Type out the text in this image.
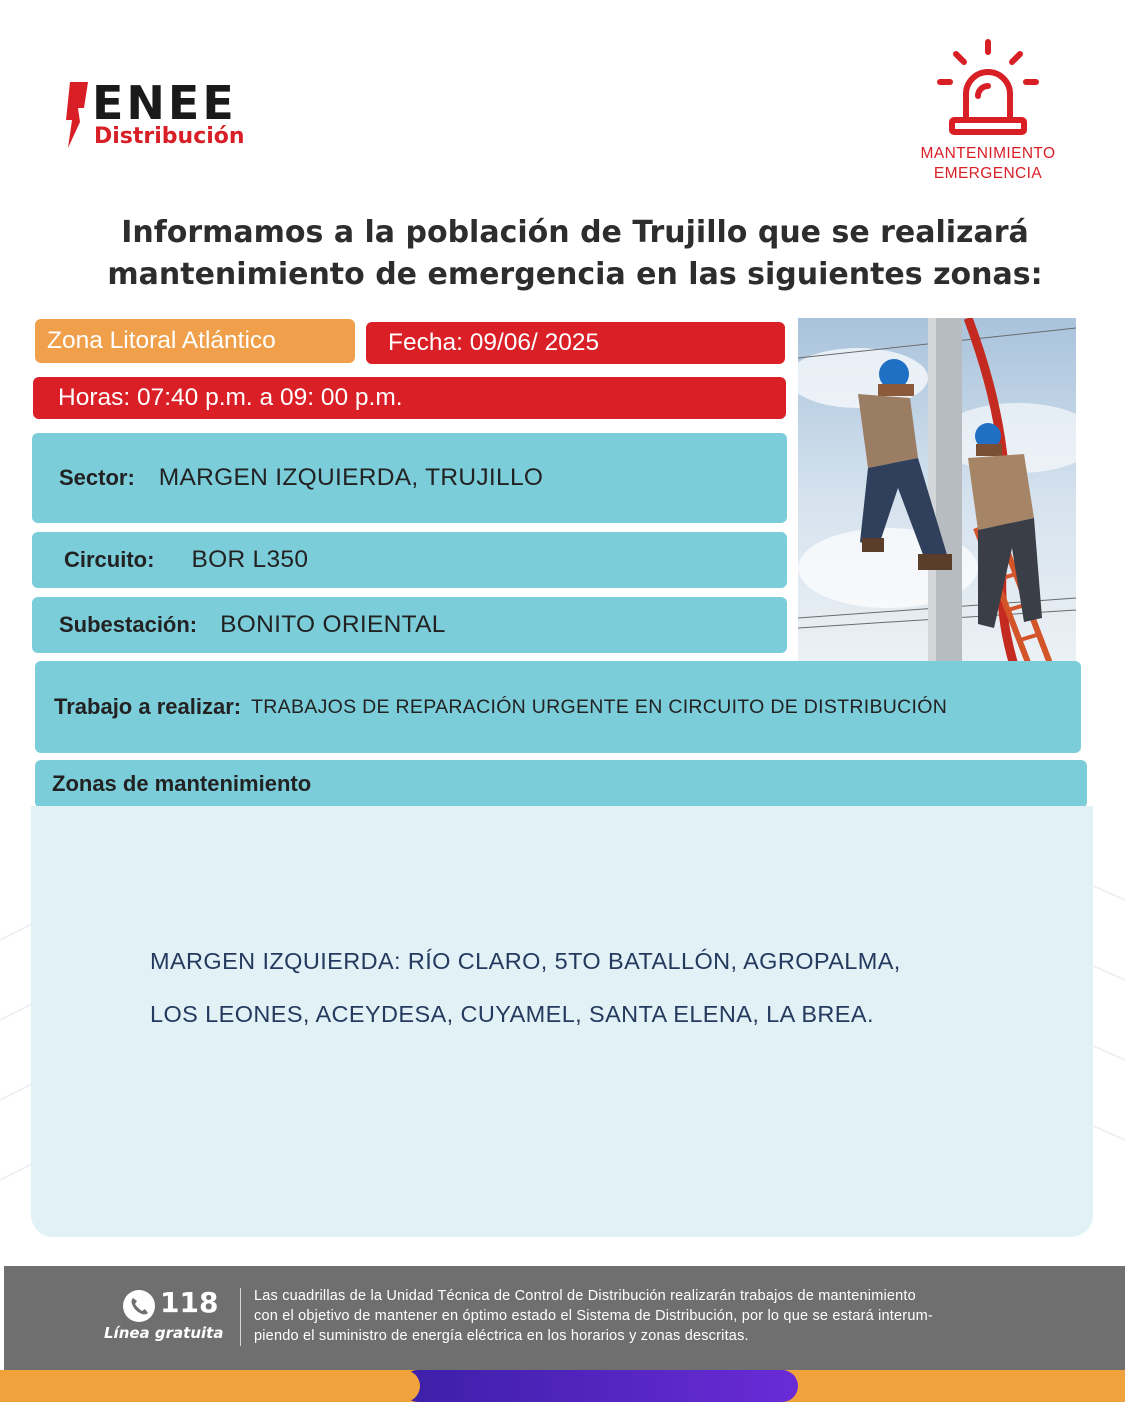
ENEE
Distribución
MANTENIMIENTO
EMERGENCIA
Informamos a la población de Trujillo que se realizará
mantenimiento de emergencia en las siguientes zonas:
Zona Litoral Atlántico	Fecha: 09/06/ 2025
Horas: 07:40 p.m. a 09: 00 p.m.
Sector: MARGEN IZQUIERDA, TRUJILLO
Circuito: BOR L350
Subestación: BONITO ORIENTAL
Trabajo a realizar: TRABAJOS DE REPARACIÓN URGENTE EN CIRCUITO DE DISTRIBUCIÓN
Zonas de mantenimiento
MARGEN IZQUIERDA: RÍO CLARO, 5TO BATALLÓN, AGROPALMA,
LOS LEONES, ACEYDESA, CUYAMEL, SANTA ELENA, LA BREA.
118
Línea gratuita
Las cuadrillas de la Unidad Técnica de Control de Distribución realizarán trabajos de mantenimiento
con el objetivo de mantener en óptimo estado el Sistema de Distribución, por lo que se estará interum-
piendo el suministro de energía eléctrica en los horarios y zonas descritas.
